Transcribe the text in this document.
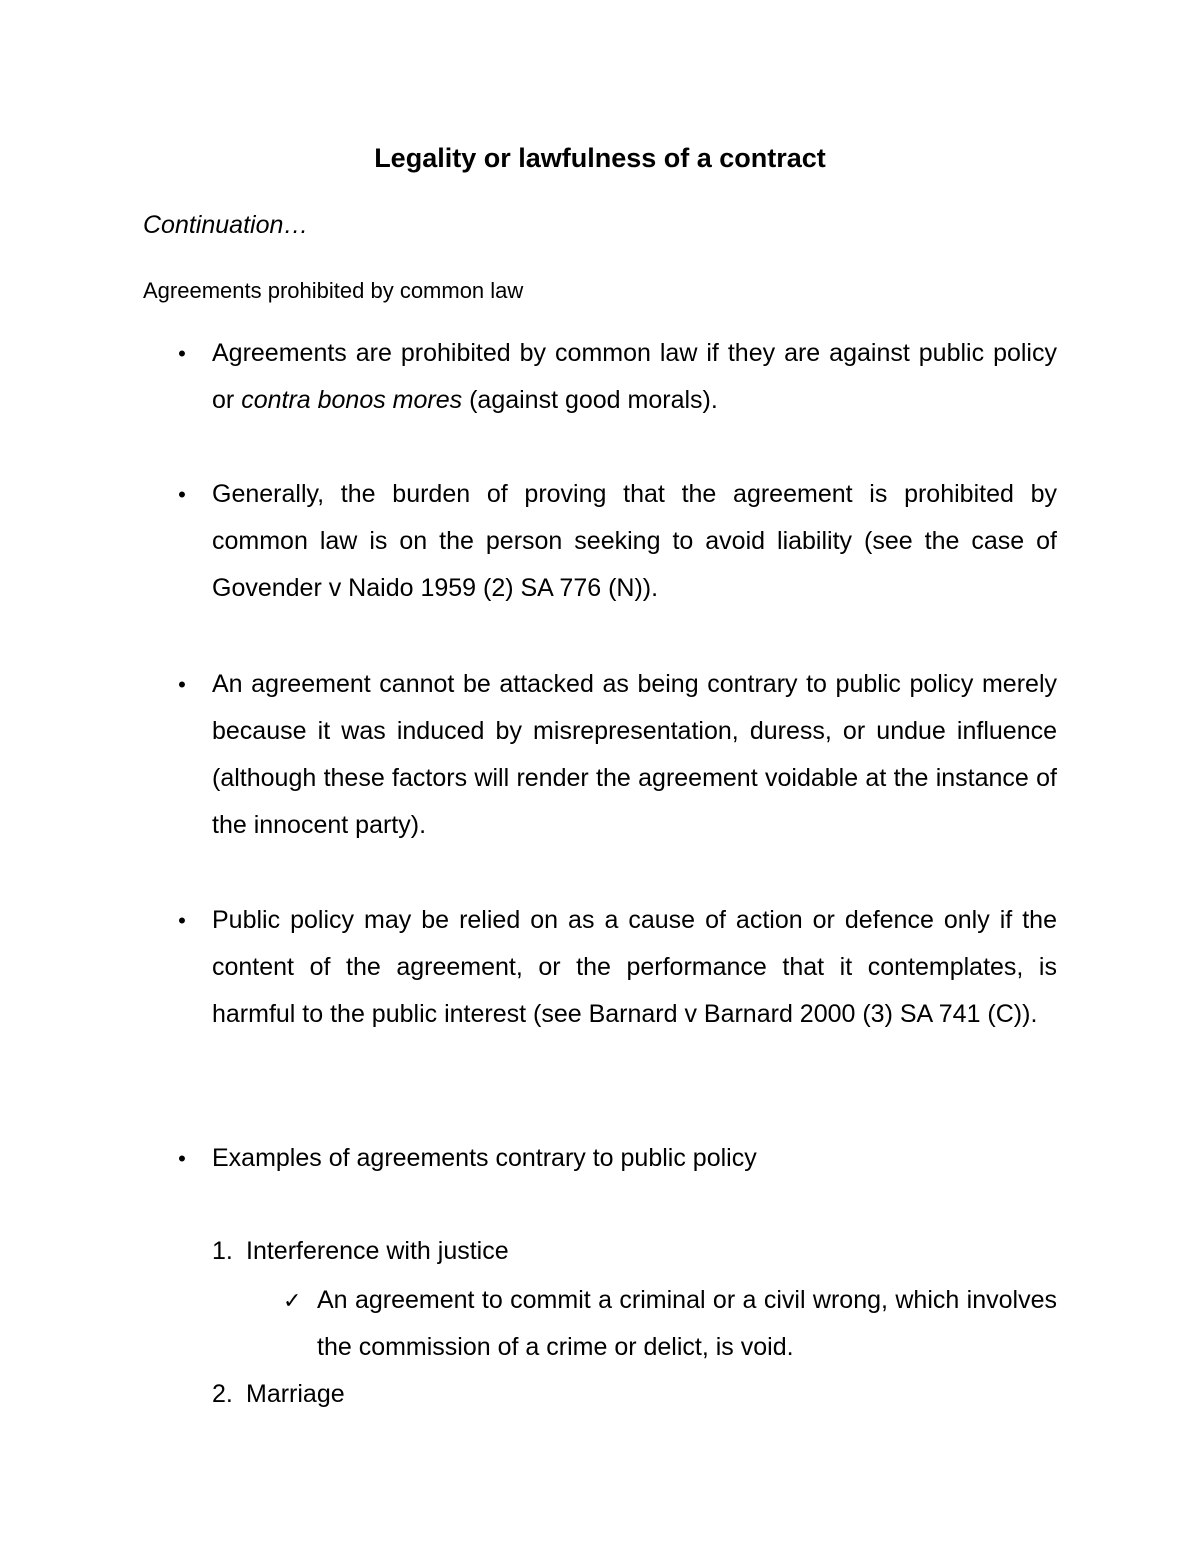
Legality or lawfulness of a contract
Continuation…
Agreements prohibited by common law
• Agreements are prohibited by common law if they are against public policy or contra bonos mores (against good morals).
• Generally, the burden of proving that the agreement is prohibited by common law is on the person seeking to avoid liability (see the case of Govender v Naido 1959 (2) SA 776 (N)).
• An agreement cannot be attacked as being contrary to public policy merely because it was induced by misrepresentation, duress, or undue influence (although these factors will render the agreement voidable at the instance of the innocent party).
• Public policy may be relied on as a cause of action or defence only if the content of the agreement, or the performance that it contemplates, is harmful to the public interest (see Barnard v Barnard 2000 (3) SA 741 (C)).
• Examples of agreements contrary to public policy
1. Interference with justice
✓ An agreement to commit a criminal or a civil wrong, which involves the commission of a crime or delict, is void.
2. Marriage
